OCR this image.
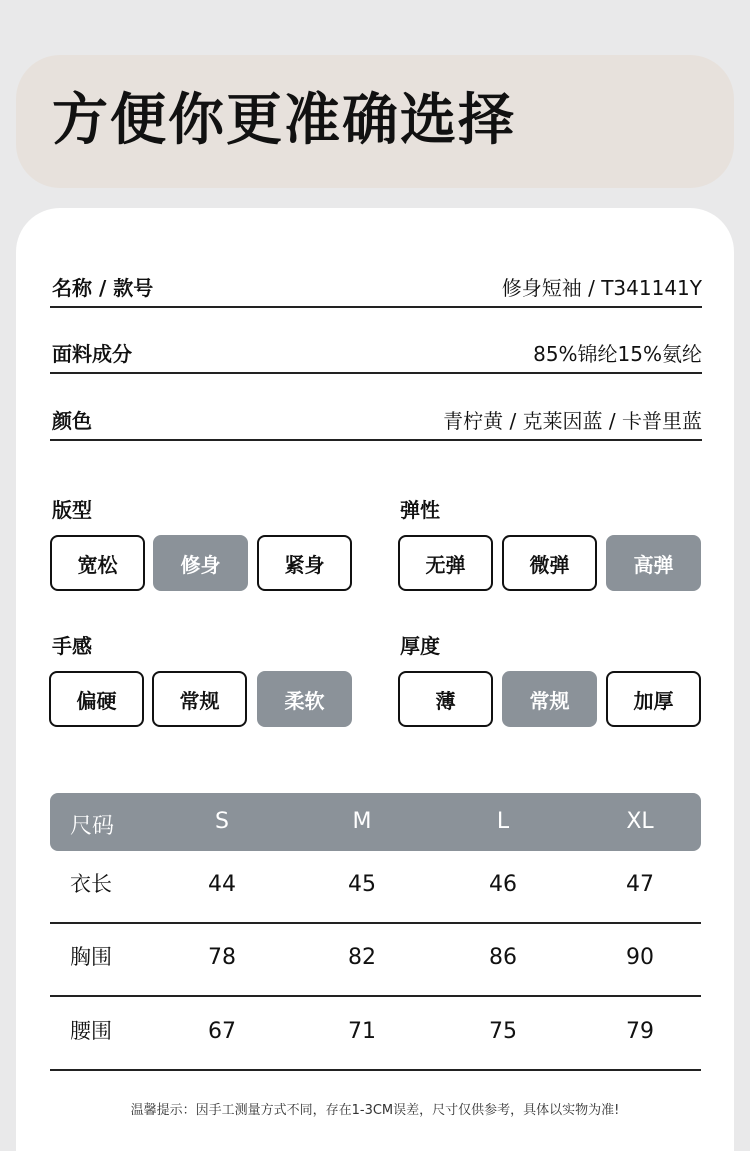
方便你更准确选择
名称 / 款号	修身短袖 / T341141Y
面料成分	85%锦纶15%氨纶
颜色	青柠黄 / 克莱因蓝 / 卡普里蓝
版型
宽松	修身	紧身
弹性
无弹	微弹	高弹
手感
偏硬	常规	柔软
厚度
薄	常规	加厚
尺码	S	M	L	XL
衣长	44	45	46	47
胸围	78	82	86	90
腰围	67	71	75	79
温馨提示：因手工测量方式不同，存在1-3CM误差，尺寸仅供参考，具体以实物为准!
